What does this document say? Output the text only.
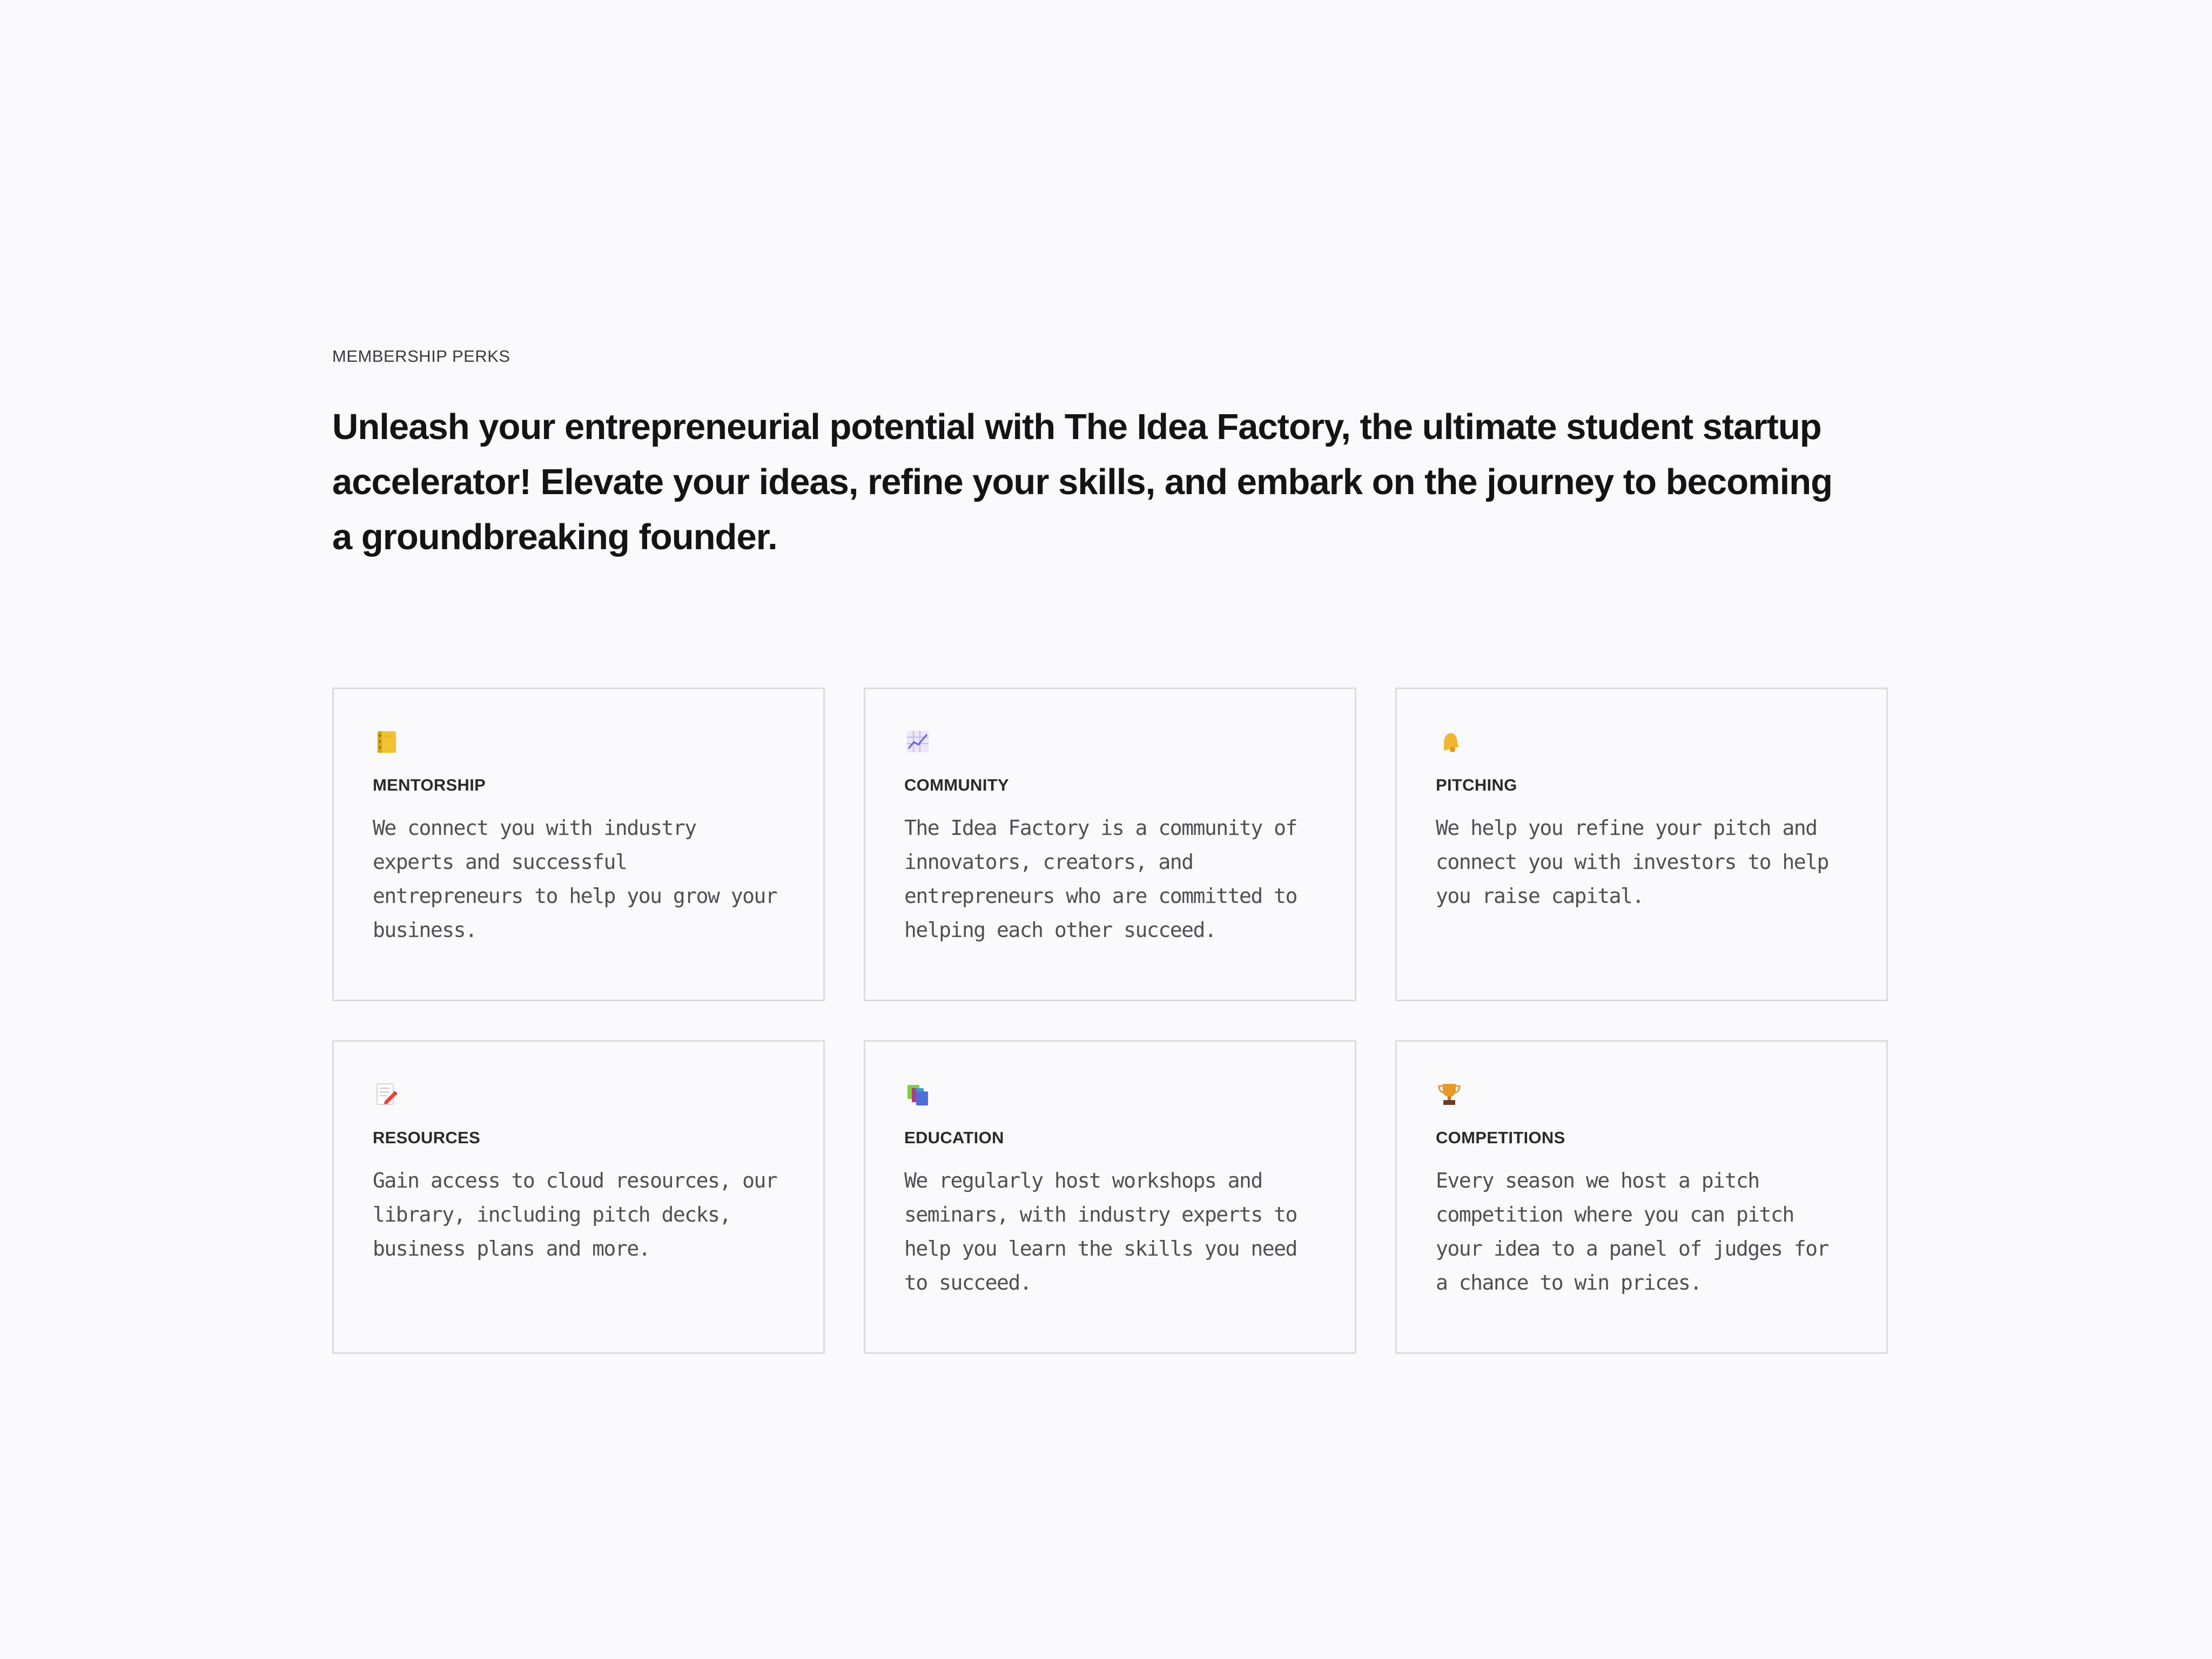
MEMBERSHIP PERKS

Unleash your entrepreneurial potential with The Idea Factory, the ultimate student startup accelerator! Elevate your ideas, refine your skills, and embark on the journey to becoming a groundbreaking founder.

MENTORSHIP

We connect you with industry experts and successful entrepreneurs to help you grow your business.

COMMUNITY

The Idea Factory is a community of innovators, creators, and entrepreneurs who are committed to helping each other succeed.

PITCHING

We help you refine your pitch and connect you with investors to help you raise capital.

RESOURCES

Gain access to cloud resources, our library, including pitch decks, business plans and more.

EDUCATION

We regularly host workshops and seminars, with industry experts to help you learn the skills you need to succeed.

COMPETITIONS

Every season we host a pitch competition where you can pitch your idea to a panel of judges for a chance to win prices.
